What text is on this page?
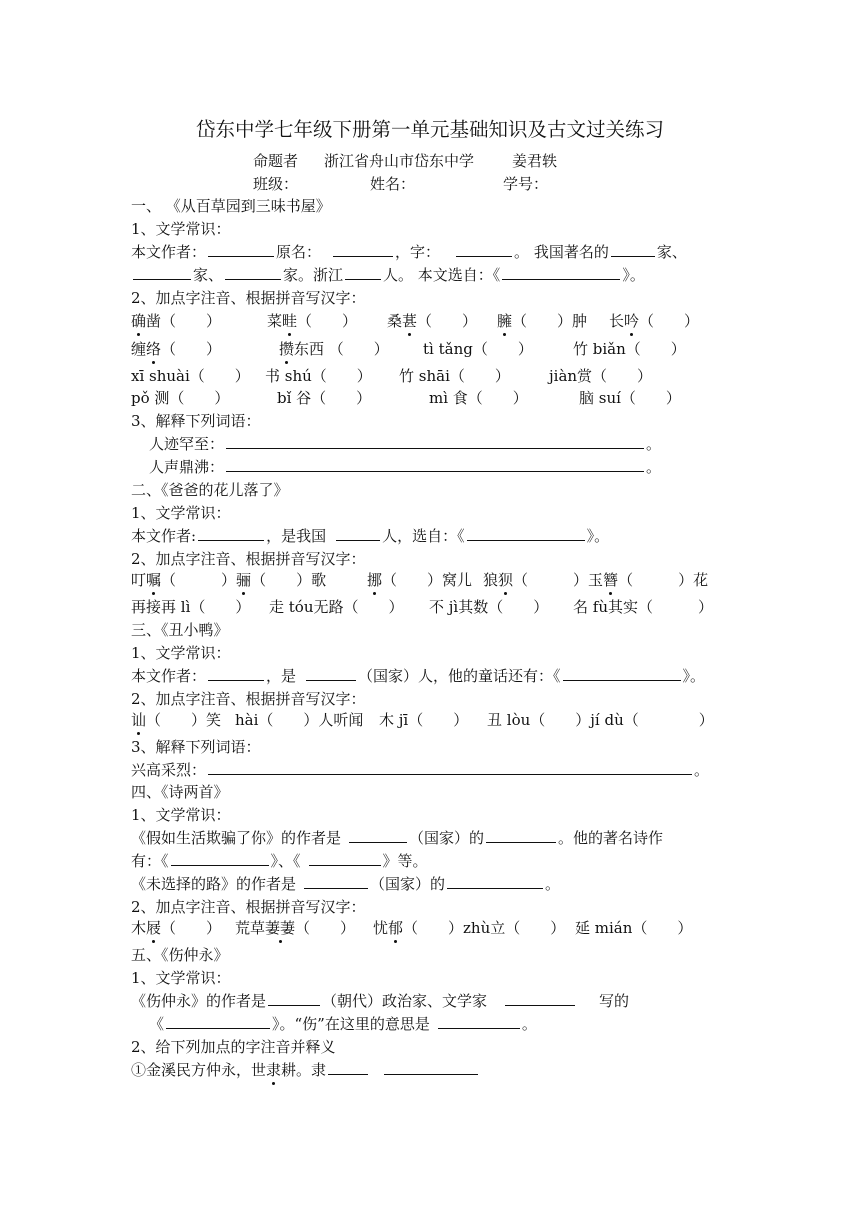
岱东中学七年级下册第一单元基础知识及古文过关练习
命题者 浙江省舟山市岱东中学	姜君轶
班级：	姓名：	学号：
一、 《从百草园到三味书屋》
1、文学常识：
本文作者：	原名：	，字：	。 我国著名的	家、
家、	家。浙江	人。 本文选自：《	》。
2、加点字注音、根据拼音写汉字：
确凿（　　）	菜畦（　　） 桑葚（　　） 臃（　　）肿 长吟（　　）
缠络（　　）	攒东西 （　　） tì tǎng（　　）	竹 biǎn（　　）
xī shuài（　　） 书 shú（　　） 竹 shāi（　　）	jiàn赏（　　）
pǒ 测（　　）	bǐ 谷（　　）	mì 食（　　）	脑 suí（　　）
3、解释下列词语：
人迹罕至：	。
人声鼎沸：	。
二、《爸爸的花儿落了》
1、文学常识：
本文作者:	，是我国	人，选自：《	》。
2、加点字注音、根据拼音写汉字：
叮嘱（　　　）骊（　　）歌	挪（　　）窝儿 狼狈（　　　）玉簪（　　　）花
再接再 lì（　　） 走 tóu无路（　　） 不 jì其数（　　） 名 fù其实（　　　）
三、《丑小鸭》
1、文学常识：
本文作者：	，是	（国家）人，他的童话还有：《	》。
2、加点字注音、根据拼音写汉字：
讪（　　）笑 hài（　　）人听闻 木 jī（　　） 丑 lòu（　　）jí dù（　　　　）
3、解释下列词语：
兴高采烈：	。
四、《诗两首》
1、文学常识：
《假如生活欺骗了你》的作者是	（国家）的	。他的著名诗作
有：《	》、《	》等。
《未选择的路》的作者是	（国家）的	。
2、加点字注音、根据拼音写汉字：
木屐（　　） 荒草萋萋（　　） 忧郁（　　）zhù立（　　） 延 mián（　　）
五、《伤仲永》
1、文学常识：
《伤仲永》的作者是	（朝代）政治家、文学家	写的
《	》。“伤”在这里的意思是	。
2、给下列加点的字注音并释义
①金溪民方仲永，世隶耕。隶
